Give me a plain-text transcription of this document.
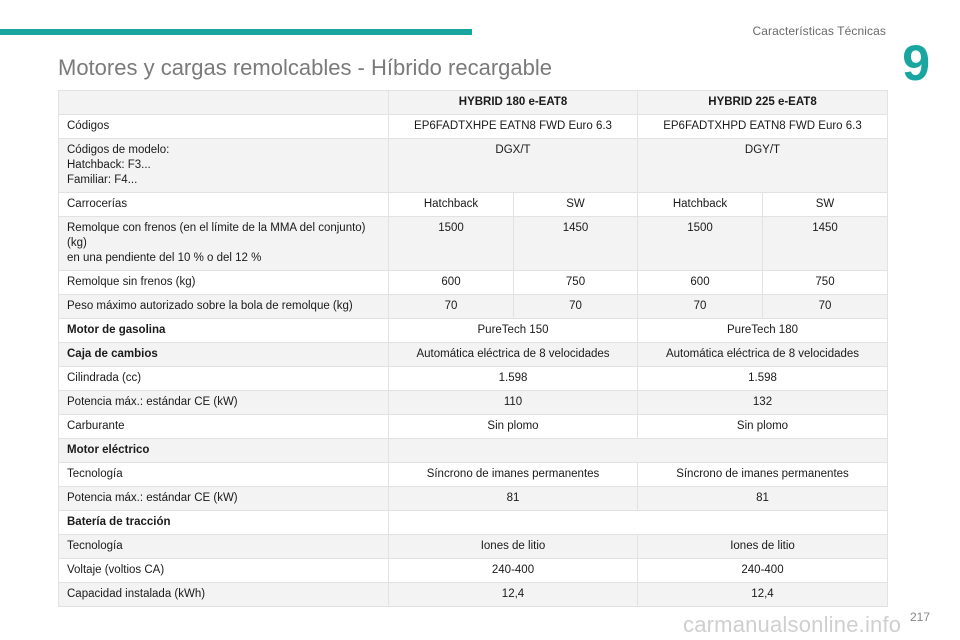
Características Técnicas
9
Motores y cargas remolcables - Híbrido recargable
	HYBRID 180 e-EAT8		HYBRID 225 e-EAT8	
Códigos	EP6FADTXHPE EATN8 FWD Euro 6.3		EP6FADTXHPD EATN8 FWD Euro 6.3	
Códigos de modelo:
Hatchback: F3...
Familiar: F4...	DGX/T		DGY/T	
Carrocerías	Hatchback	SW	Hatchback	SW
Remolque con frenos (en el límite de la MMA del conjunto) (kg)
en una pendiente del 10 % o del 12 %	1500	1450	1500	1450
Remolque sin frenos (kg)	600	750	600	750
Peso máximo autorizado sobre la bola de remolque (kg)	70	70	70	70
Motor de gasolina	PureTech 150		PureTech 180	
Caja de cambios	Automática eléctrica de 8 velocidades		Automática eléctrica de 8 velocidades	
Cilindrada (cc)	1.598		1.598	
Potencia máx.: estándar CE (kW)	110		132	
Carburante	Sin plomo		Sin plomo	
Motor eléctrico				
Tecnología	Síncrono de imanes permanentes		Síncrono de imanes permanentes	
Potencia máx.: estándar CE (kW)	81		81	
Batería de tracción				
Tecnología	Iones de litio		Iones de litio	
Voltaje (voltios CA)	240-400		240-400	
Capacidad instalada (kWh)	12,4		12,4	
carmanualsonline.info 217
